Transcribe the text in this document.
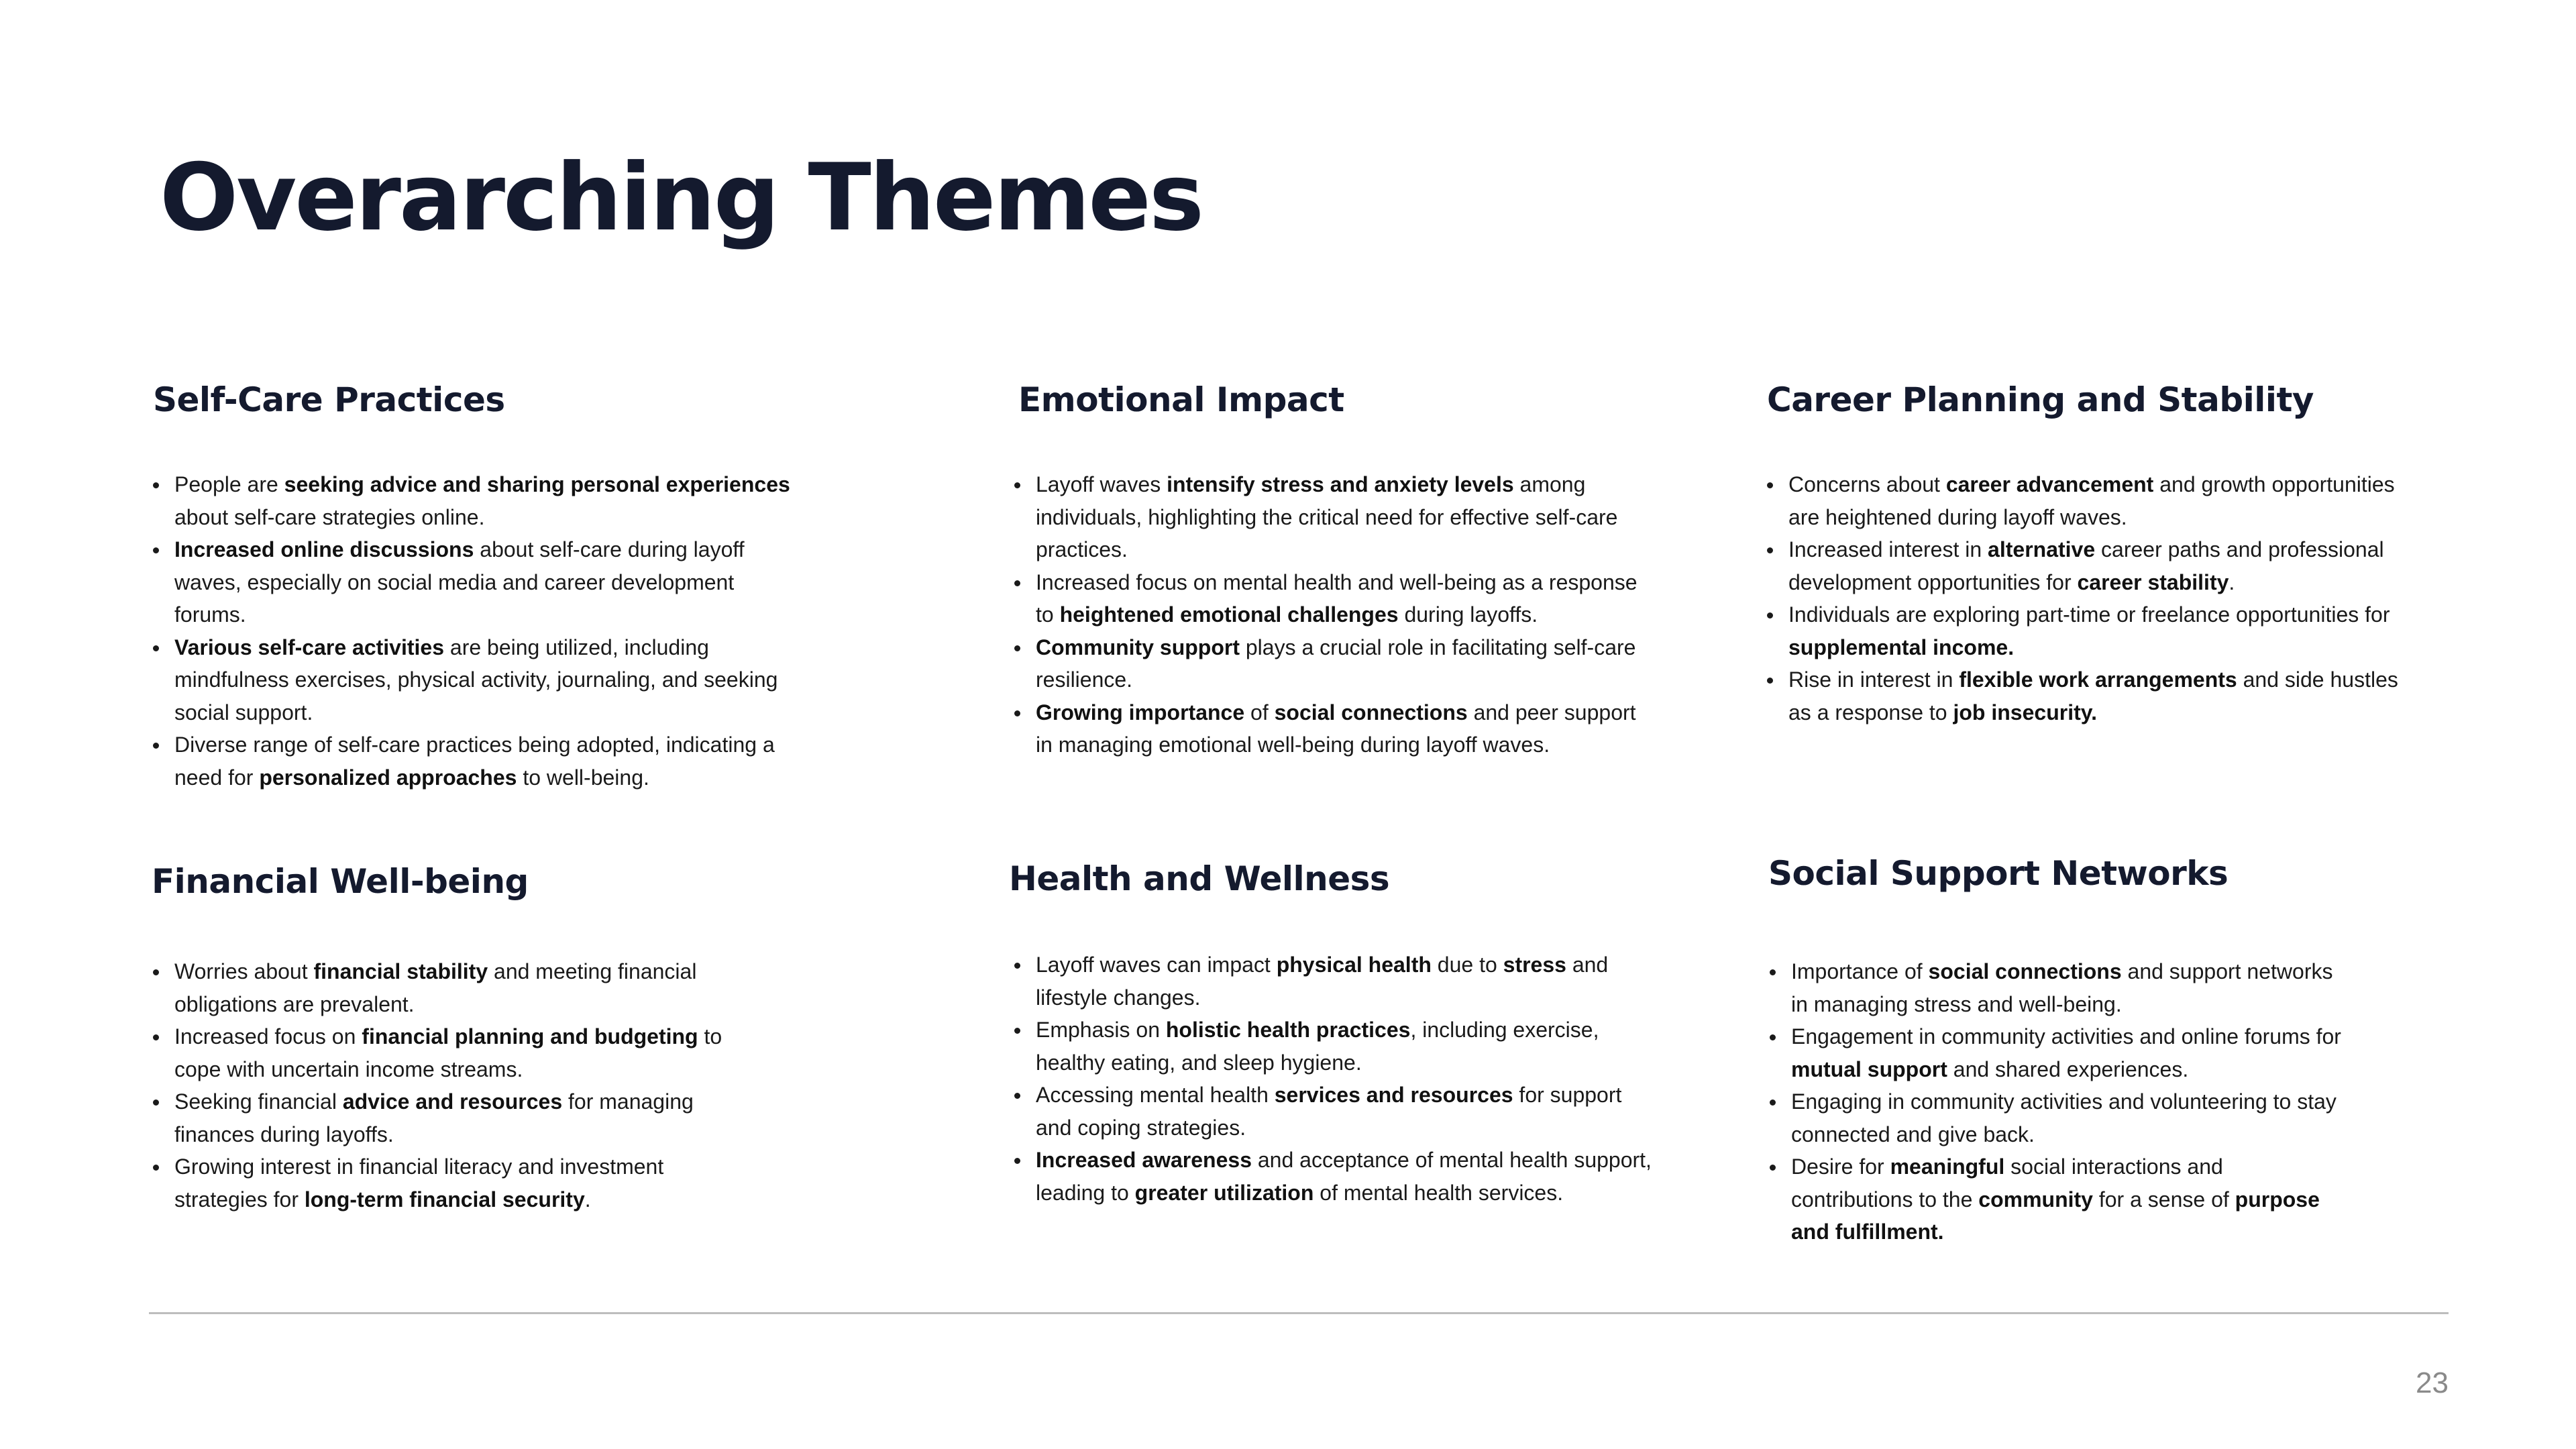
Overarching Themes
Self-Care Practices
People are seeking advice and sharing personal experiences about self-care strategies online.
Increased online discussions about self-care during layoff waves, especially on social media and career development forums.
Various self-care activities are being utilized, including mindfulness exercises, physical activity, journaling, and seeking social support.
Diverse range of self-care practices being adopted, indicating a need for personalized approaches to well-being.
Emotional Impact
Layoff waves intensify stress and anxiety levels among individuals, highlighting the critical need for effective self-care practices.
Increased focus on mental health and well-being as a response to heightened emotional challenges during layoffs.
Community support plays a crucial role in facilitating self-care resilience.
Growing importance of social connections and peer support in managing emotional well-being during layoff waves.
Career Planning and Stability
Concerns about career advancement and growth opportunities are heightened during layoff waves.
Increased interest in alternative career paths and professional development opportunities for career stability.
Individuals are exploring part-time or freelance opportunities for supplemental income.
Rise in interest in flexible work arrangements and side hustles as a response to job insecurity.
Financial Well-being
Worries about financial stability and meeting financial obligations are prevalent.
Increased focus on financial planning and budgeting to cope with uncertain income streams.
Seeking financial advice and resources for managing finances during layoffs.
Growing interest in financial literacy and investment strategies for long-term financial security.
Health and Wellness
Layoff waves can impact physical health due to stress and lifestyle changes.
Emphasis on holistic health practices, including exercise, healthy eating, and sleep hygiene.
Accessing mental health services and resources for support and coping strategies.
Increased awareness and acceptance of mental health support, leading to greater utilization of mental health services.
Social Support Networks
Importance of social connections and support networks in managing stress and well-being.
Engagement in community activities and online forums for mutual support and shared experiences.
Engaging in community activities and volunteering to stay connected and give back.
Desire for meaningful social interactions and contributions to the community for a sense of purpose and fulfillment.
23
